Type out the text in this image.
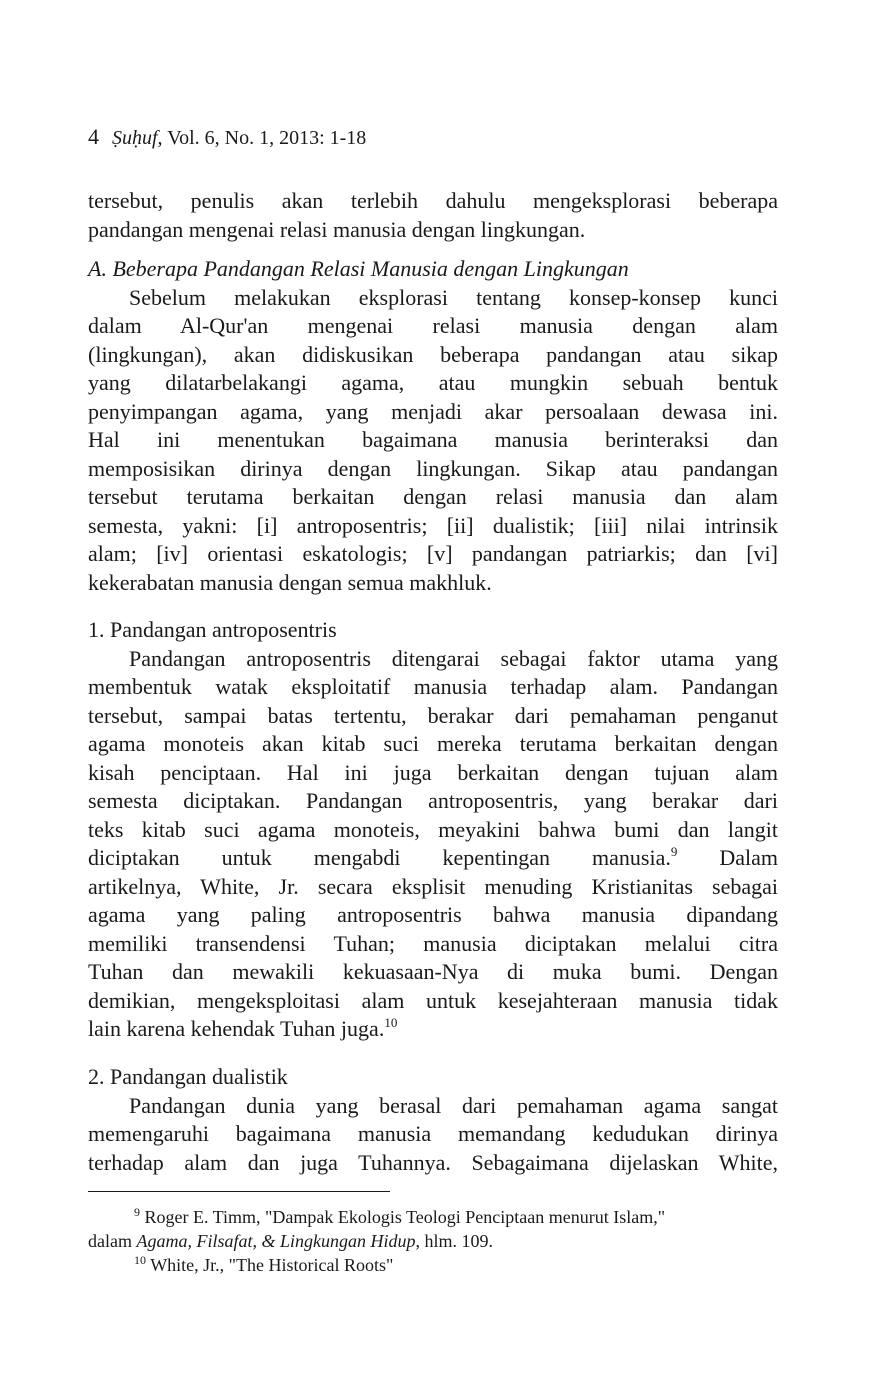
4 Ṣuḥuf, Vol. 6, No. 1, 2013: 1-18
tersebut, penulis akan terlebih dahulu mengeksplorasi beberapa
pandangan mengenai relasi manusia dengan lingkungan.
A. Beberapa Pandangan Relasi Manusia dengan Lingkungan
Sebelum melakukan eksplorasi tentang konsep-konsep kunci
dalam Al-Qur'an mengenai relasi manusia dengan alam
(lingkungan), akan didiskusikan beberapa pandangan atau sikap
yang dilatarbelakangi agama, atau mungkin sebuah bentuk
penyimpangan agama, yang menjadi akar persoalaan dewasa ini.
Hal ini menentukan bagaimana manusia berinteraksi dan
memposisikan dirinya dengan lingkungan. Sikap atau pandangan
tersebut terutama berkaitan dengan relasi manusia dan alam
semesta, yakni: [i] antroposentris; [ii] dualistik; [iii] nilai intrinsik
alam; [iv] orientasi eskatologis; [v] pandangan patriarkis; dan [vi]
kekerabatan manusia dengan semua makhluk.
1. Pandangan antroposentris
Pandangan antroposentris ditengarai sebagai faktor utama yang
membentuk watak eksploitatif manusia terhadap alam. Pandangan
tersebut, sampai batas tertentu, berakar dari pemahaman penganut
agama monoteis akan kitab suci mereka terutama berkaitan dengan
kisah penciptaan. Hal ini juga berkaitan dengan tujuan alam
semesta diciptakan. Pandangan antroposentris, yang berakar dari
teks kitab suci agama monoteis, meyakini bahwa bumi dan langit
diciptakan untuk mengabdi kepentingan manusia.$^9$ Dalam
artikelnya, White, Jr. secara eksplisit menuding Kristianitas sebagai
agama yang paling antroposentris bahwa manusia dipandang
memiliki transendensi Tuhan; manusia diciptakan melalui citra
Tuhan dan mewakili kekuasaan-Nya di muka bumi. Dengan
demikian, mengeksploitasi alam untuk kesejahteraan manusia tidak
lain karena kehendak Tuhan juga.$^{10}$
2. Pandangan dualistik
Pandangan dunia yang berasal dari pemahaman agama sangat
memengaruhi bagaimana manusia memandang kedudukan dirinya
terhadap alam dan juga Tuhannya. Sebagaimana dijelaskan White,
$^9$ Roger E. Timm, "Dampak Ekologis Teologi Penciptaan menurut Islam,"
dalam Agama, Filsafat, & Lingkungan Hidup, hlm. 109.
$^{10}$ White, Jr., "The Historical Roots"
